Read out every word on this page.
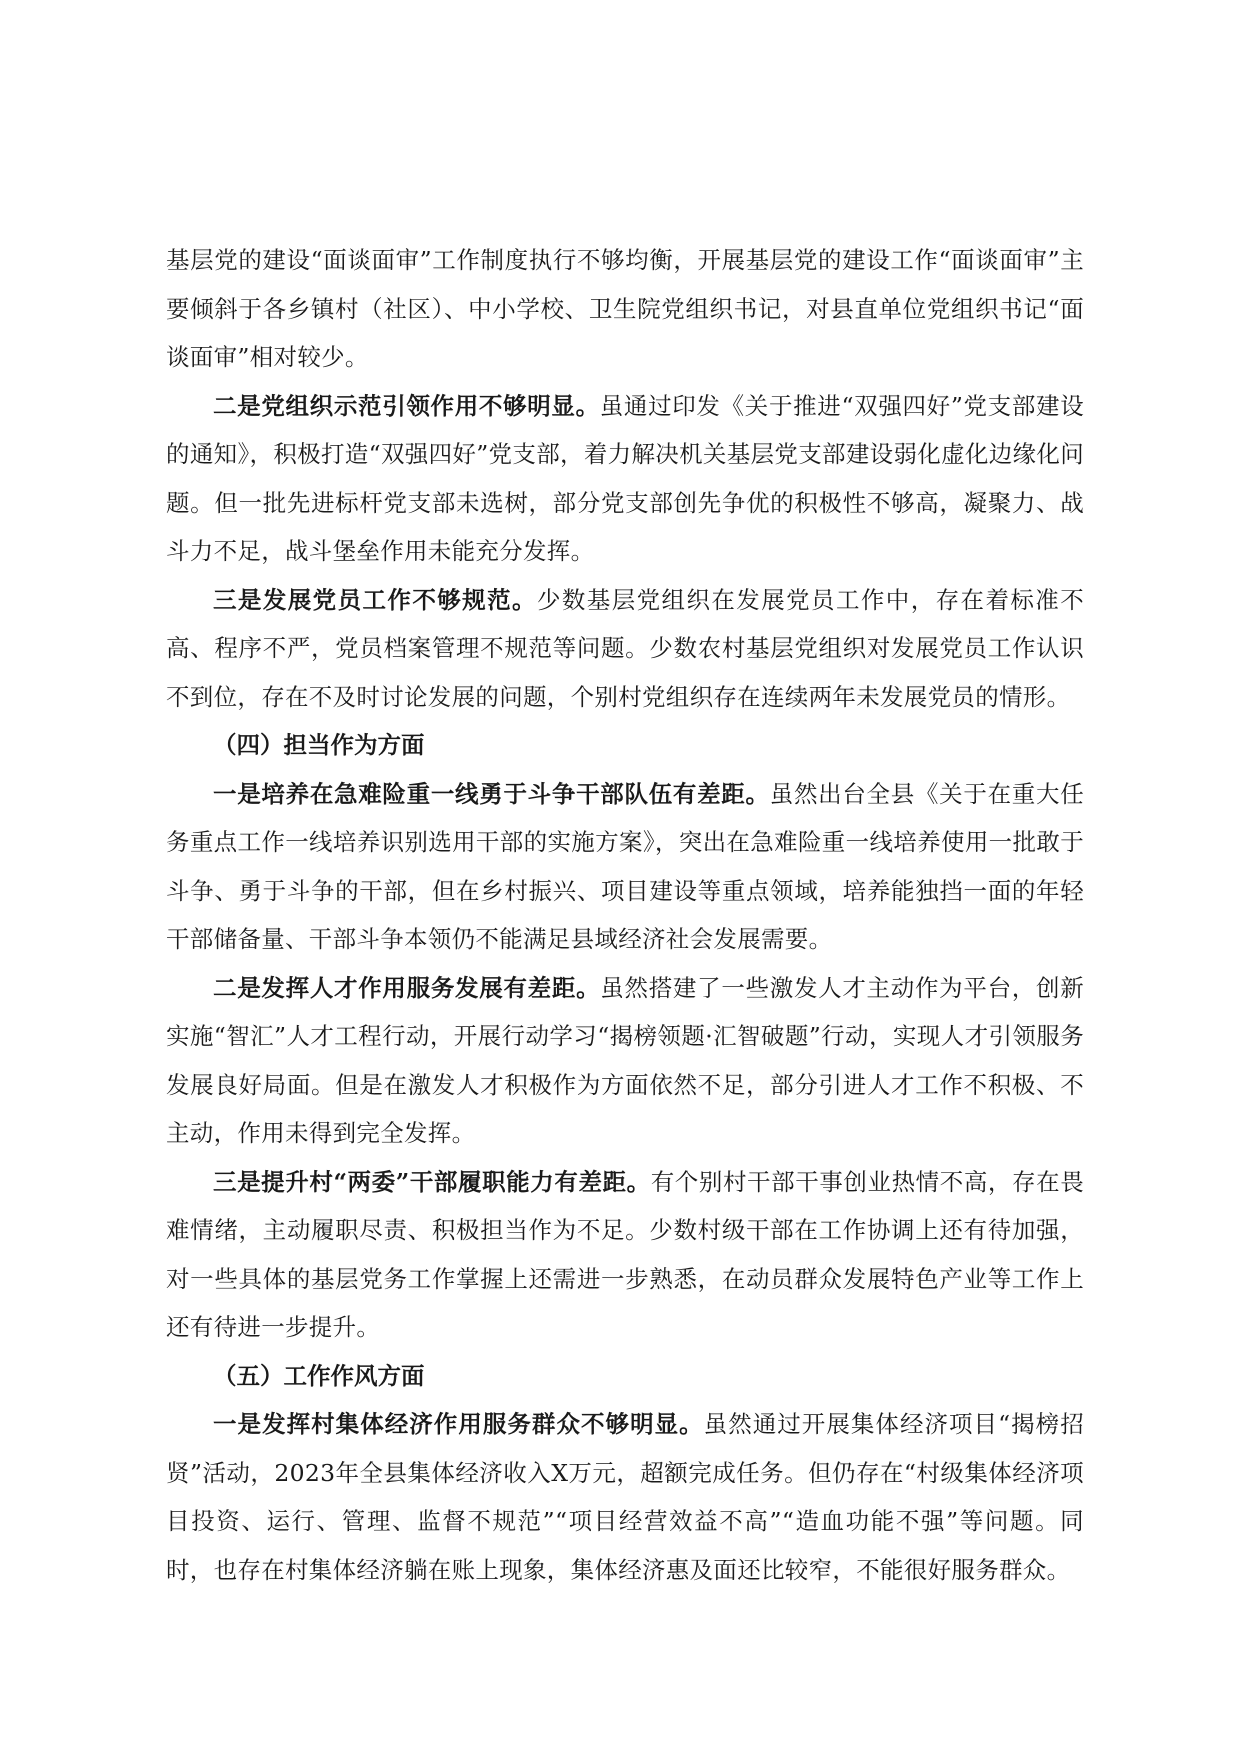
基层党的建设“面谈面审”工作制度执行不够均衡，开展基层党的建设工作“面谈面审”主要倾斜于各乡镇村（社区）、中小学校、卫生院党组织书记，对县直单位党组织书记“面谈面审”相对较少。

二是党组织示范引领作用不够明显。虽通过印发《关于推进“双强四好”党支部建设的通知》，积极打造“双强四好”党支部，着力解决机关基层党支部建设弱化虚化边缘化问题。但一批先进标杆党支部未选树，部分党支部创先争优的积极性不够高，凝聚力、战斗力不足，战斗堡垒作用未能充分发挥。

三是发展党员工作不够规范。少数基层党组织在发展党员工作中，存在着标准不高、程序不严，党员档案管理不规范等问题。少数农村基层党组织对发展党员工作认识不到位，存在不及时讨论发展的问题，个别村党组织存在连续两年未发展党员的情形。

（四）担当作为方面

一是培养在急难险重一线勇于斗争干部队伍有差距。虽然出台全县《关于在重大任务重点工作一线培养识别选用干部的实施方案》，突出在急难险重一线培养使用一批敢于斗争、勇于斗争的干部，但在乡村振兴、项目建设等重点领域，培养能独挡一面的年轻干部储备量、干部斗争本领仍不能满足县域经济社会发展需要。

二是发挥人才作用服务发展有差距。虽然搭建了一些激发人才主动作为平台，创新实施“智汇”人才工程行动，开展行动学习“揭榜领题·汇智破题”行动，实现人才引领服务发展良好局面。但是在激发人才积极作为方面依然不足，部分引进人才工作不积极、不主动，作用未得到完全发挥。

三是提升村“两委”干部履职能力有差距。有个别村干部干事创业热情不高，存在畏难情绪，主动履职尽责、积极担当作为不足。少数村级干部在工作协调上还有待加强，对一些具体的基层党务工作掌握上还需进一步熟悉，在动员群众发展特色产业等工作上还有待进一步提升。

（五）工作作风方面

一是发挥村集体经济作用服务群众不够明显。虽然通过开展集体经济项目“揭榜招贤”活动，2023年全县集体经济收入X万元，超额完成任务。但仍存在“村级集体经济项目投资、运行、管理、监督不规范”“项目经营效益不高”“造血功能不强”等问题。同时，也存在村集体经济躺在账上现象，集体经济惠及面还比较窄，不能很好服务群众。
